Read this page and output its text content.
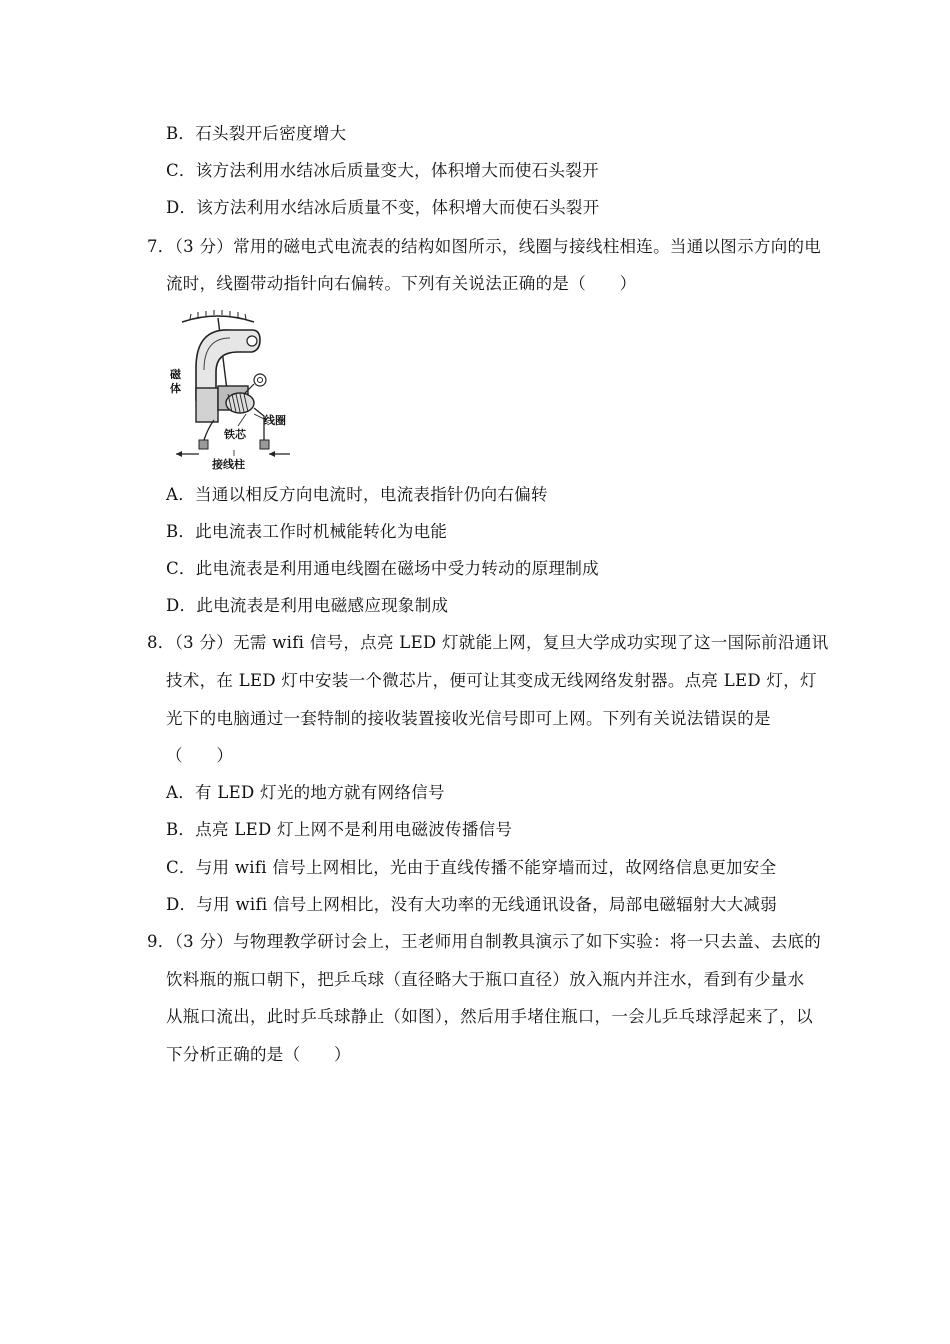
B．石头裂开后密度增大
C．该方法利用水结冰后质量变大，体积增大而使石头裂开
D．该方法利用水结冰后质量不变，体积增大而使石头裂开
7．（3 分）常用的磁电式电流表的结构如图所示，线圈与接线柱相连。当通以图示方向的电
流时，线圈带动指针向右偏转。下列有关说法正确的是（　　）
磁
体
铁芯
线圈
接线柱
A．当通以相反方向电流时，电流表指针仍向右偏转
B．此电流表工作时机械能转化为电能
C．此电流表是利用通电线圈在磁场中受力转动的原理制成
D．此电流表是利用电磁感应现象制成
8．（3 分）无需 wifi 信号，点亮 LED 灯就能上网，复旦大学成功实现了这一国际前沿通讯
技术，在 LED 灯中安装一个微芯片，便可让其变成无线网络发射器。点亮 LED 灯，灯
光下的电脑通过一套特制的接收装置接收光信号即可上网。下列有关说法错误的是
（　　）
A．有 LED 灯光的地方就有网络信号
B．点亮 LED 灯上网不是利用电磁波传播信号
C．与用 wifi 信号上网相比，光由于直线传播不能穿墙而过，故网络信息更加安全
D．与用 wifi 信号上网相比，没有大功率的无线通讯设备，局部电磁辐射大大减弱
9．（3 分）与物理教学研讨会上，王老师用自制教具演示了如下实验：将一只去盖、去底的
饮料瓶的瓶口朝下，把乒乓球（直径略大于瓶口直径）放入瓶内并注水，看到有少量水
从瓶口流出，此时乒乓球静止（如图），然后用手堵住瓶口，一会儿乒乓球浮起来了，以
下分析正确的是（　　）
